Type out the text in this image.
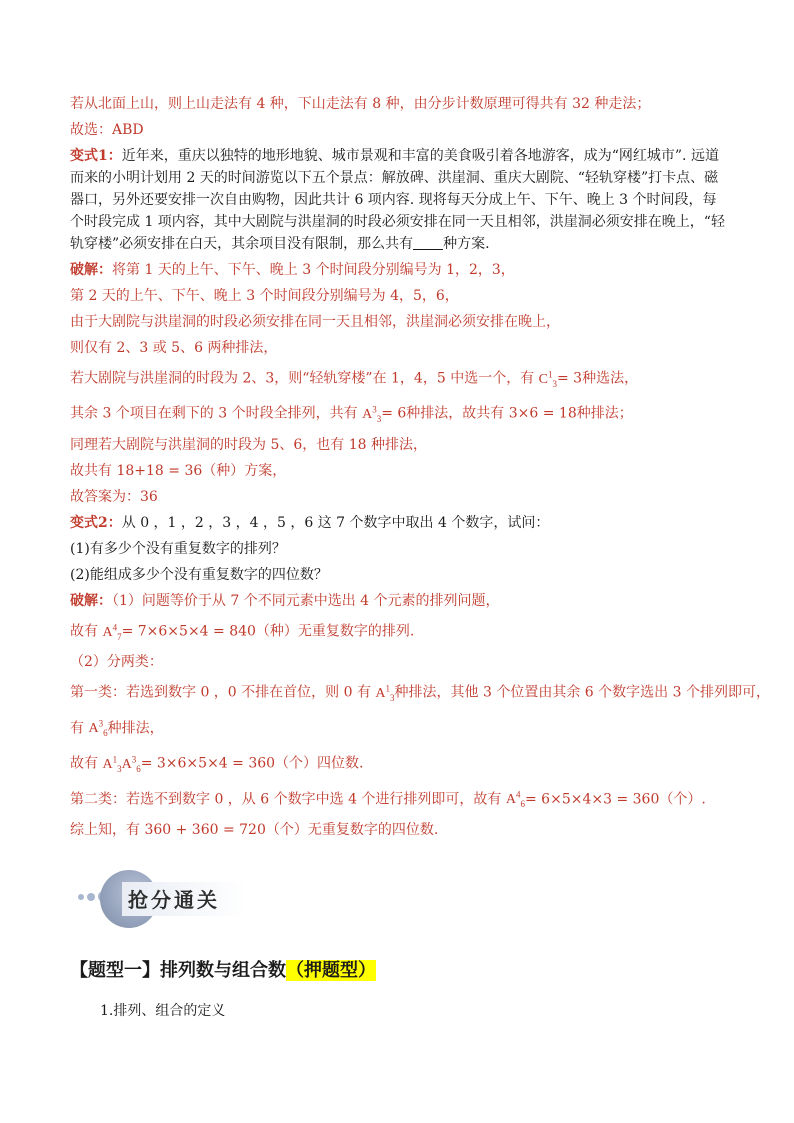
若从北面上山，则上山走法有 4 种，下山走法有 8 种，由分步计数原理可得共有 32 种走法；

故选：ABD

变式1：近年来，重庆以独特的地形地貌、城市景观和丰富的美食吸引着各地游客，成为“网红城市”. 远道而来的小明计划用 2 天的时间游览以下五个景点：解放碑、洪崖洞、重庆大剧院、“轻轨穿楼”打卡点、磁器口，另外还要安排一次自由购物，因此共计 6 项内容. 现将每天分成上午、下午、晚上 3 个时间段，每个时段完成 1 项内容，其中大剧院与洪崖洞的时段必须安排在同一天且相邻，洪崖洞必须安排在晚上，“轻轨穿楼”必须安排在白天，其余项目没有限制，那么共有 种方案.

破解：将第 1 天的上午、下午、晚上 3 个时间段分别编号为 1，2，3，

第 2 天的上午、下午、晚上 3 个时间段分别编号为 4，5，6，

由于大剧院与洪崖洞的时段必须安排在同一天且相邻，洪崖洞必须安排在晚上，

则仅有 2、3 或 5、6 两种排法，

若大剧院与洪崖洞的时段为 2、3，则“轻轨穿楼”在 1，4，5 中选一个，有 $C^1_3= 3$种选法，

其余 3 个项目在剩下的 3 个时段全排列，共有 $A^3_3= 6$种排法，故共有 3×6 = 18种排法；

同理若大剧院与洪崖洞的时段为 5、6，也有 18 种排法，

故共有 18+18 = 36（种）方案，

故答案为：36

变式2：从 0 ，1 ，2 ，3 ，4 ，5 ，6 这 7 个数字中取出 4 个数字，试问：

(1)有多少个没有重复数字的排列？

(2)能组成多少个没有重复数字的四位数？

破解：（1）问题等价于从 7 个不同元素中选出 4 个元素的排列问题，

故有 $A^4_7= 7\times 6\times 5\times 4 = 840$（种）无重复数字的排列.

（2）分两类：

第一类：若选到数字 0 ，0 不排在首位，则 0 有 $A^1_3$种排法，其他 3 个位置由其余 6 个数字选出 3 个排列即可，

有 $A^3_6$种排法，

故有 $A^1_3A^3_6= 3\times 6\times 5\times 4 = 360$（个）四位数.

第二类：若选不到数字 0 ，从 6 个数字中选 4 个进行排列即可，故有 $A^4_6= 6\times 5\times 4\times 3 = 360$（个）.

综上知，有 360 + 360 = 720（个）无重复数字的四位数.

抢分通关
【题型一】排列数与组合数（押题型）
1.排列、组合的定义
